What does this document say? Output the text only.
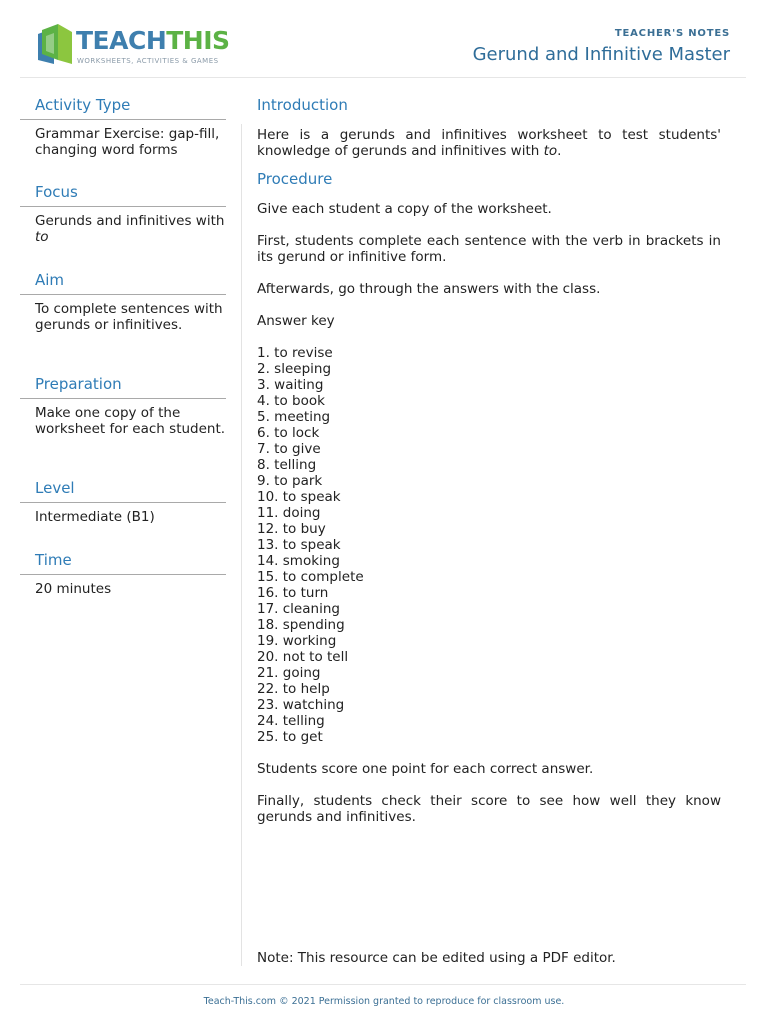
TEACHTHIS
WORKSHEETS, ACTIVITIES & GAMES
TEACHER'S NOTES
Gerund and Infinitive Master
Activity Type
Grammar Exercise: gap-fill, changing word forms
Focus
Gerunds and infinitives with to
Aim
To complete sentences with gerunds or infinitives.
Preparation
Make one copy of the worksheet for each student.
Level
Intermediate (B1)
Time
20 minutes
Introduction

Here is a gerunds and infinitives worksheet to test students' knowledge of gerunds and infinitives with to.

Procedure

Give each student a copy of the worksheet.

First, students complete each sentence with the verb in brackets in its gerund or infinitive form.

Afterwards, go through the answers with the class.

Answer key

1. to revise
2. sleeping
3. waiting
4. to book
5. meeting
6. to lock
7. to give
8. telling
9. to park
10. to speak
11. doing
12. to buy
13. to speak
14. smoking
15. to complete
16. to turn
17. cleaning
18. spending
19. working
20. not to tell
21. going
22. to help
23. watching
24. telling
25. to get

Students score one point for each correct answer.

Finally, students check their score to see how well they know gerunds and infinitives.

Note: This resource can be edited using a PDF editor.

Teach-This.com © 2021 Permission granted to reproduce for classroom use.
